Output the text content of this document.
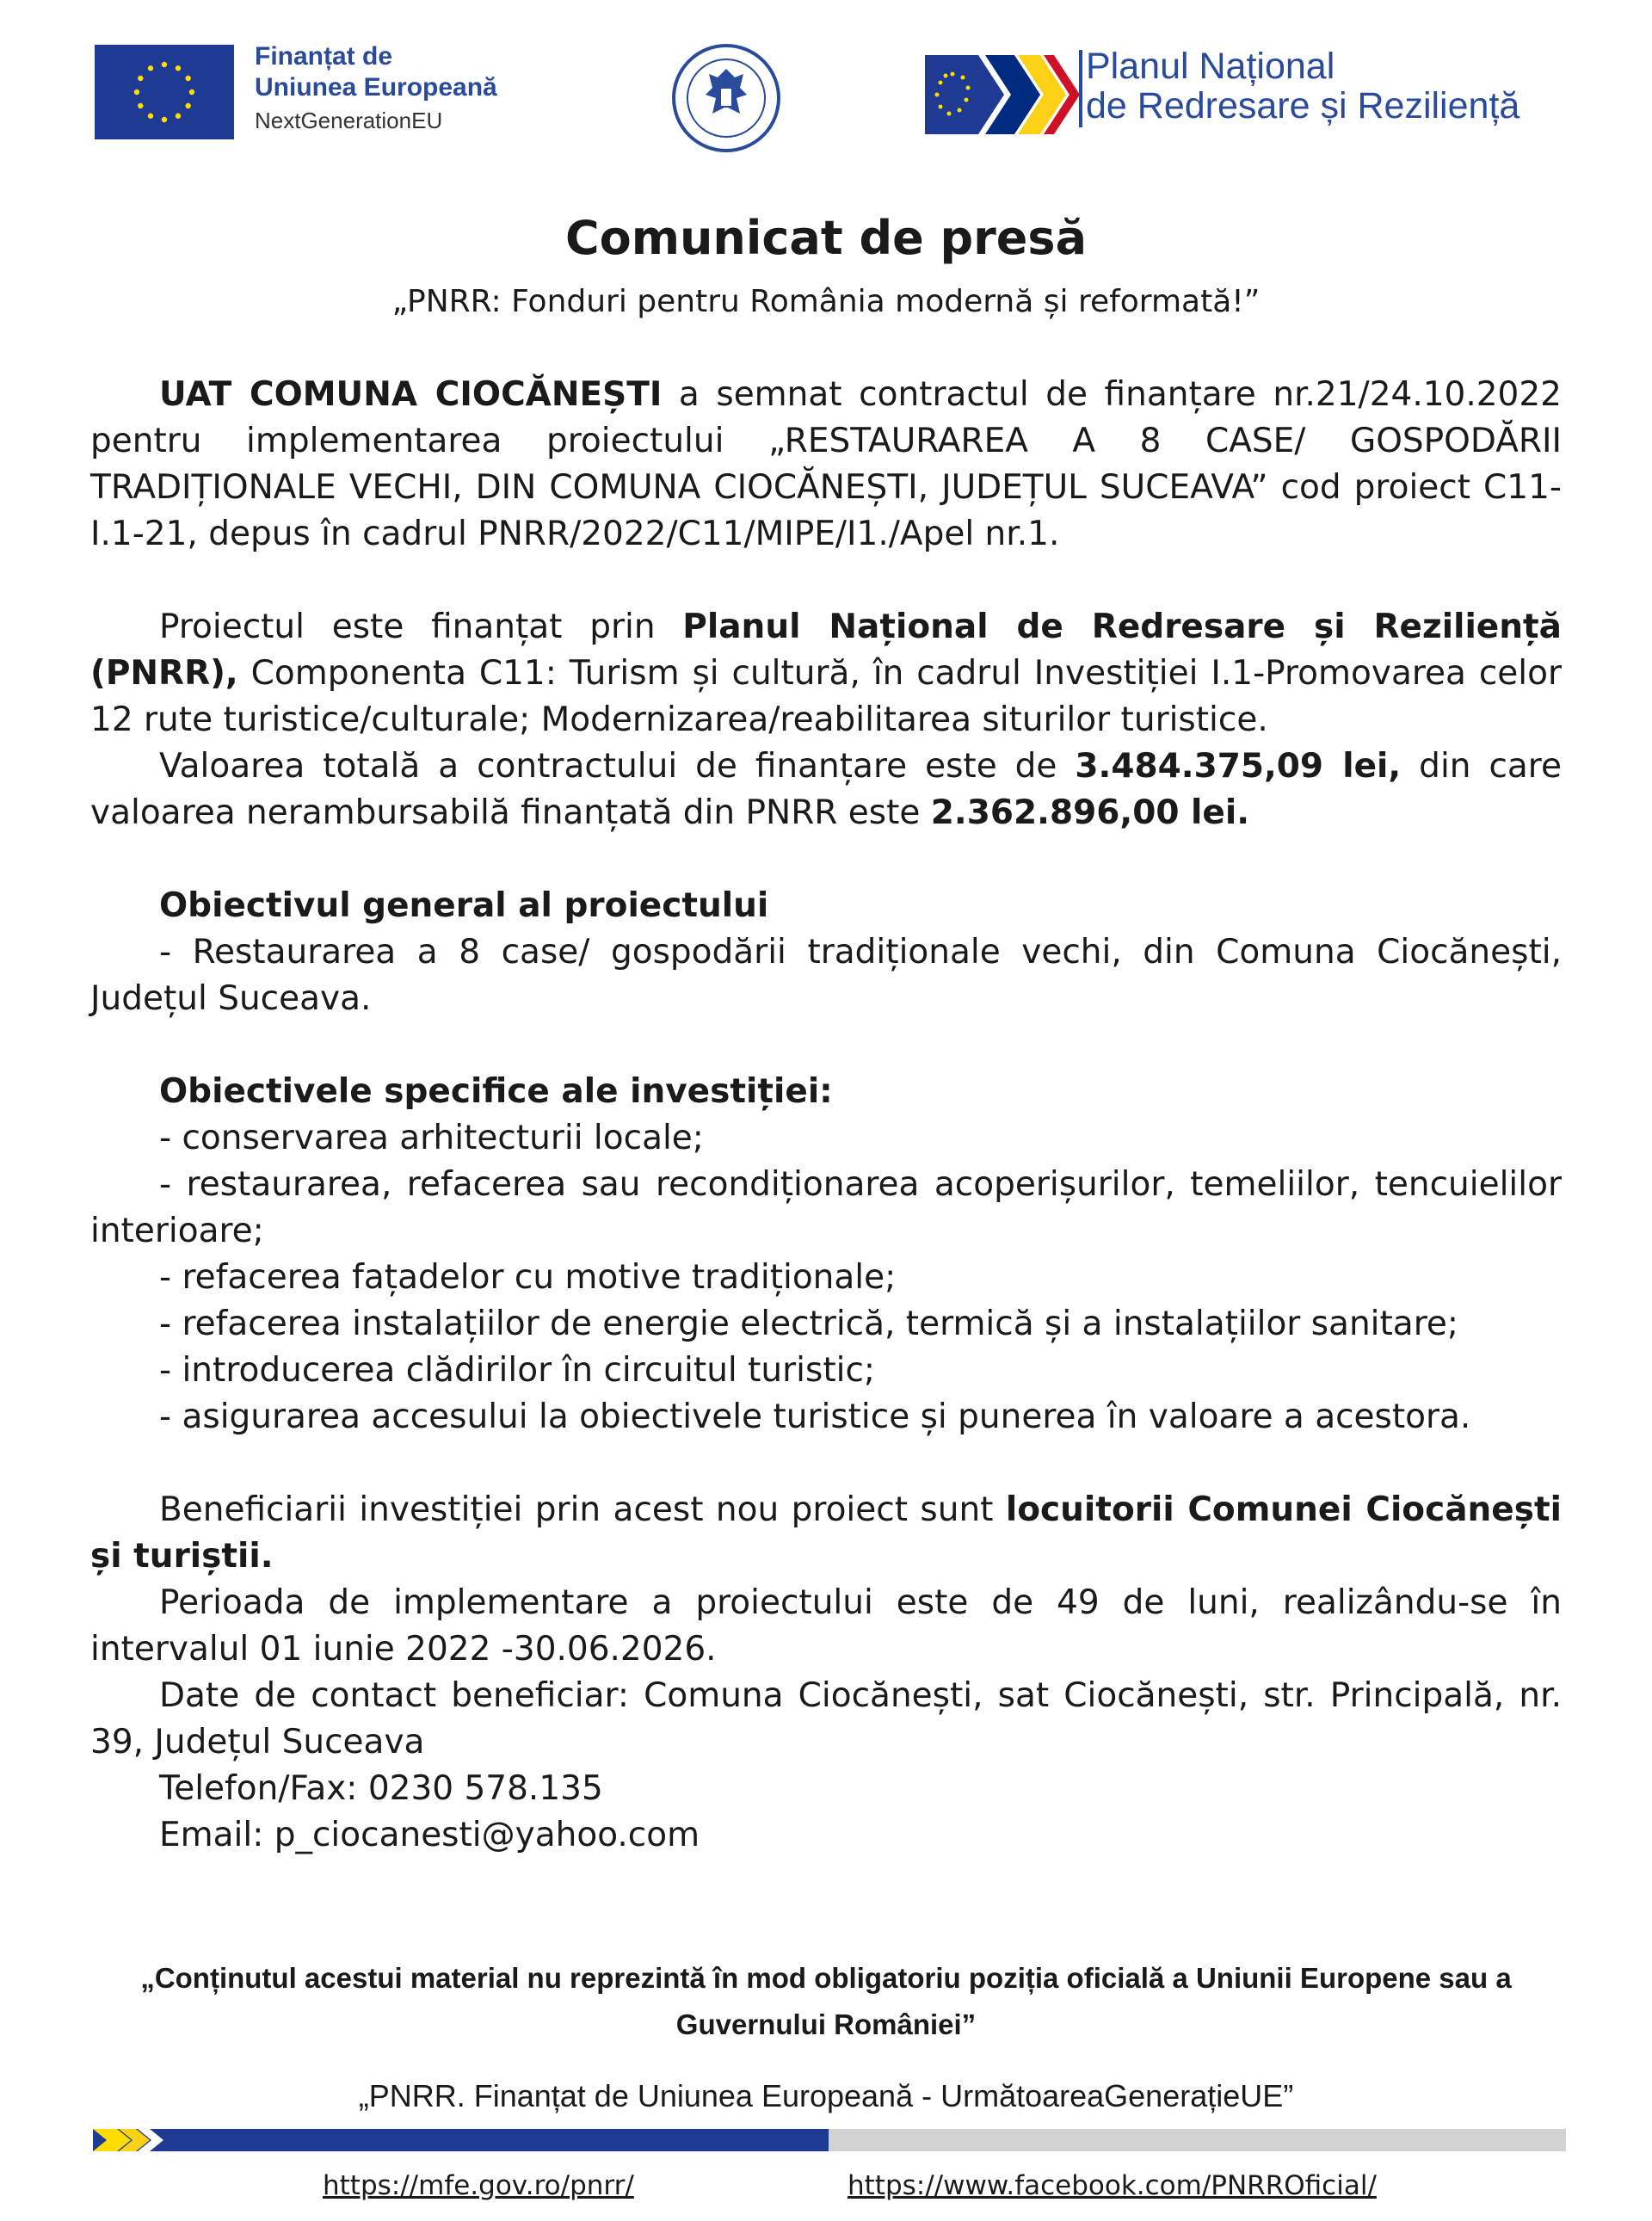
Finanțat de
Uniunea Europeană
NextGenerationEU
Planul Național
de Redresare și Reziliență
Comunicat de presă
„PNRR: Fonduri pentru România modernă și reformată!”

UAT COMUNA CIOCĂNEȘTI a semnat contractul de finanțare nr.21/24.10.2022 pentru implementarea proiectului „RESTAURAREA A 8 CASE/ GOSPODĂRII TRADIȚIONALE VECHI, DIN COMUNA CIOCĂNEȘTI, JUDEȚUL SUCEAVA” cod proiect C11-I.1-21, depus în cadrul PNRR/2022/C11/MIPE/I1./Apel nr.1.

Proiectul este finanțat prin Planul Național de Redresare și Reziliență (PNRR), Componenta C11: Turism și cultură, în cadrul Investiției I.1-Promovarea celor 12 rute turistice/culturale; Modernizarea/reabilitarea siturilor turistice.

Valoarea totală a contractului de finanțare este de 3.484.375,09 lei, din care valoarea nerambursabilă finanțată din PNRR este 2.362.896,00 lei.

Obiectivul general al proiectului

- Restaurarea a 8 case/ gospodării tradiționale vechi, din Comuna Ciocănești, Județul Suceava.

Obiectivele specifice ale investiției:

- conservarea arhitecturii locale;

- restaurarea, refacerea sau recondiționarea acoperișurilor, temeliilor, tencuielilor interioare;

- refacerea fațadelor cu motive tradiționale;

- refacerea instalațiilor de energie electrică, termică și a instalațiilor sanitare;

- introducerea clădirilor în circuitul turistic;

- asigurarea accesului la obiectivele turistice și punerea în valoare a acestora.

Beneficiarii investiției prin acest nou proiect sunt locuitorii Comunei Ciocănești și turiștii.

Perioada de implementare a proiectului este de 49 de luni, realizându-se în intervalul 01 iunie 2022 -30.06.2026.

Date de contact beneficiar: Comuna Ciocănești, sat Ciocănești, str. Principală, nr. 39, Județul Suceava

Telefon/Fax: 0230 578.135

Email: p_ciocanesti@yahoo.com

„Conținutul acestui material nu reprezintă în mod obligatoriu poziția oficială a Uniunii Europene sau a Guvernului României”
„PNRR. Finanțat de Uniunea Europeană - UrmătoareaGenerațieUE”
https://mfe.gov.ro/pnrr/	https://www.facebook.com/PNRROficial/
